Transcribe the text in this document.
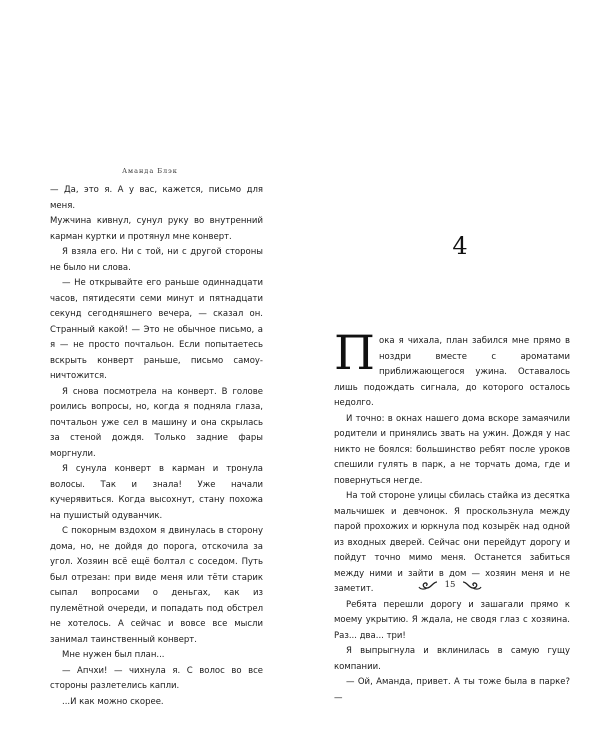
Аманда Блэк

— Да, это я. А у вас, кажется, письмо для меня.

Мужчина кивнул, сунул руку во внутренний карман куртки и протянул мне конверт.

Я взяла его. Ни с той, ни с другой стороны не было ни слова.

— Не открывайте его раньше одиннадцати часов, пятидесяти семи минут и пятнадцати секунд сегодняшнего вечера, — сказал он. Странный какой! — Это не обычное письмо, а я — не просто почтальон. Если попытаетесь вскрыть конверт раньше, письмо самоуничтожится.

Я снова посмотрела на конверт. В голове роились вопросы, но, когда я подняла глаза, почтальон уже сел в машину и она скрылась за стеной дождя. Только задние фары моргнули.

Я сунула конверт в карман и тронула волосы. Так и знала! Уже начали кучерявиться. Когда высохнут, стану похожа на пушистый одуванчик.

С покорным вздохом я двинулась в сторону дома, но, не дойдя до порога, отскочила за угол. Хозяин всё ещё болтал с соседом. Путь был отрезан: при виде меня или тёти старик сыпал вопросами о деньгах, как из пулемётной очереди, и попадать под обстрел не хотелось. А сейчас и вовсе все мысли занимал таинственный конверт.

Мне нужен был план...

— Апчхи! — чихнула я. С волос во все стороны разлетелись капли.

...И как можно скорее.

4

Пока я чихала, план забился мне прямо в ноздри вместе с ароматами приближающегося ужина. Оставалось лишь подождать сигнала, до которого осталось недолго.

И точно: в окнах нашего дома вскоре замаячили родители и принялись звать на ужин. Дождя у нас никто не боялся: большинство ребят после уроков спешили гулять в парк, а не торчать дома, где и повернуться негде.

На той стороне улицы сбилась стайка из десятка мальчишек и девчонок. Я проскользнула между парой прохожих и юркнула под козырёк над одной из входных дверей. Сейчас они перейдут дорогу и пойдут точно мимо меня. Останется забиться между ними и зайти в дом — хозяин меня и не заметит.

Ребята перешли дорогу и зашагали прямо к моему укрытию. Я ждала, не сводя глаз с хозяина. Раз... два... три!

Я выпрыгнула и вклинилась в самую гущу компании.

— Ой, Аманда, привет. А ты тоже была в парке? —

15
